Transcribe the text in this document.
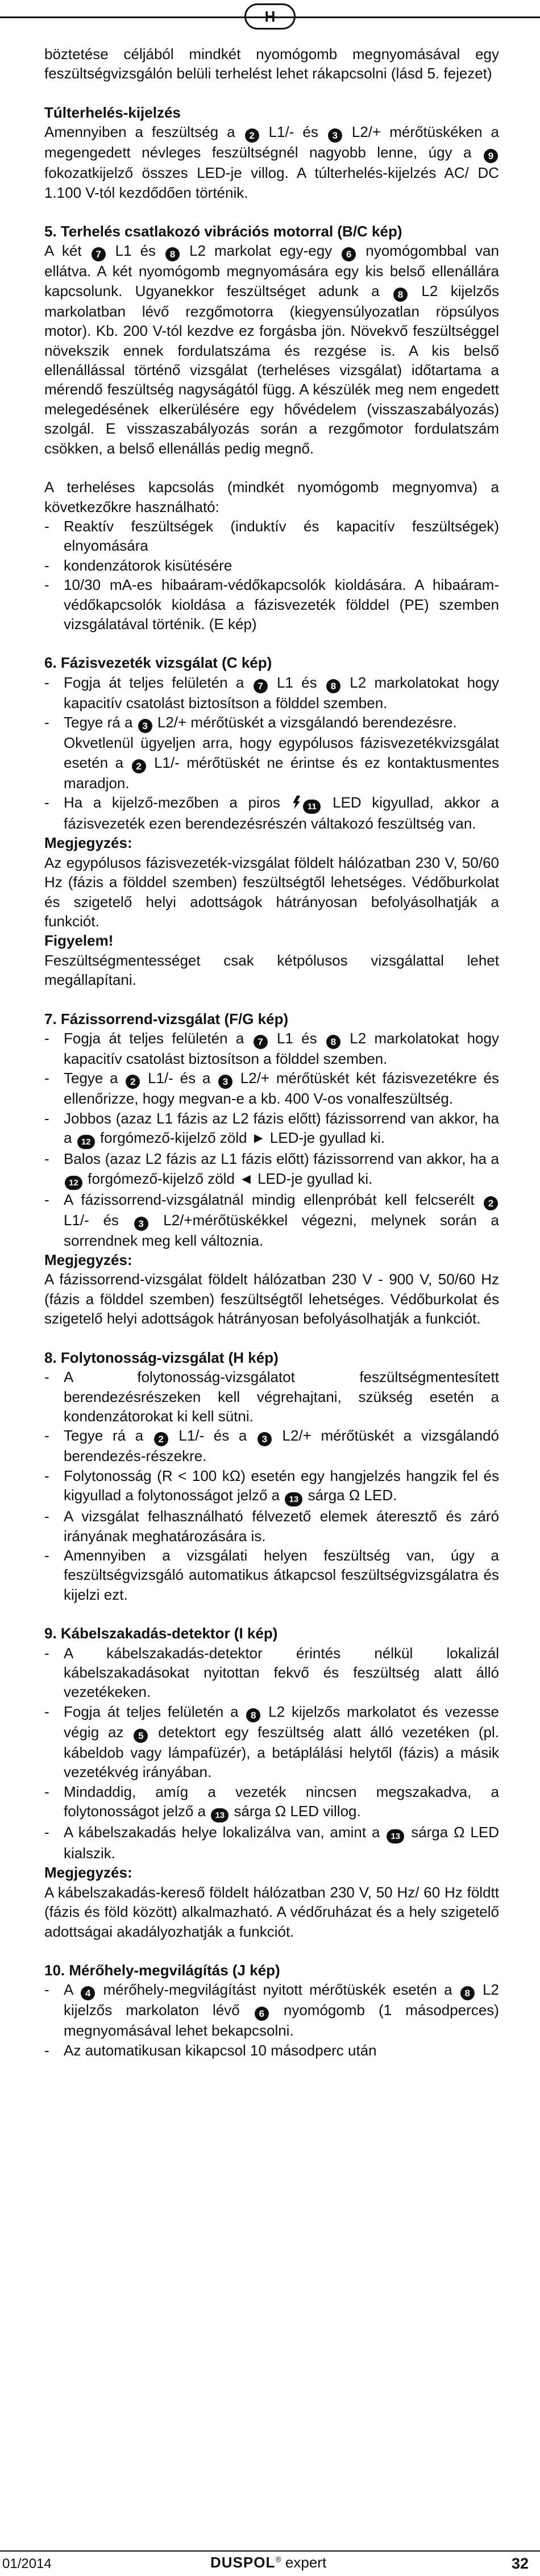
H

böztetése céljából mindkét nyomógomb megnyomásával egy feszültségvizsgálón belüli terhelést lehet rákapcsolni (lásd 5. fejezet)

Túlterhelés-kijelzés

Amennyiben a feszültség a 2 L1/- és 3 L2/+ mérőtüskéken a megengedett névleges feszültségnél nagyobb lenne, úgy a 9 fokozatkijelző összes LED-je villog. A túlterhelés-kijelzés AC/ DC 1.100 V-tól kezdődően történik.

5. Terhelés csatlakozó vibrációs motorral (B/C kép)

A két 7 L1 és 8 L2 markolat egy-egy 6 nyomógombbal van ellátva. A két nyomógomb megnyomására egy kis belső ellenállára kapcsolunk. Ugyanekkor feszültséget adunk a 8 L2 kijelzős markolatban lévő rezgőmotorra (kiegyensúlyozatlan röpsúlyos motor). Kb. 200 V-tól kezdve ez forgásba jön. Növekvő feszültséggel növekszik ennek fordulatszáma és rezgése is. A kis belső ellenállással történő vizsgálat (terheléses vizsgálat) időtartama a mérendő feszültség nagyságától függ. A készülék meg nem engedett melegedésének elkerülésére egy hővédelem (visszaszabályozás) szolgál. E visszaszabályozás során a rezgőmotor fordulatszám csökken, a belső ellenállás pedig megnő.

A terheléses kapcsolás (mindkét nyomógomb megnyomva) a következőkre használható:

- Reaktív feszültségek (induktív és kapacitív feszültségek) elnyomására
- kondenzátorok kisütésére
- 10/30 mA-es hibaáram-védőkapcsolók kioldására. A hibaáram-védőkapcsolók kioldása a fázisvezeték földdel (PE) szemben vizsgálatával történik. (E kép)
6. Fázisvezeték vizsgálat (C kép)
- Fogja át teljes felületén a 7 L1 és 8 L2 markolatokat hogy kapacitív csatolást biztosítson a földdel szemben.
- Tegye rá a 3 L2/+ mérőtüskét a vizsgálandó berendezésre.

Okvetlenül ügyeljen arra, hogy egypólusos fázisvezetékvizsgálat esetén a 2 L1/- mérőtüskét ne érintse és ez kontaktusmentes maradjon.

- Ha a kijelző-mezőben a piros	11 LED kigyullad, akkor a fázisvezeték ezen berendezésrészén váltakozó feszültség van.

Megjegyzés:

Az egypólusos fázisvezeték-vizsgálat földelt hálózatban 230 V, 50/60 Hz (fázis a földdel szemben) feszültségtől lehetséges. Védőburkolat és szigetelő helyi adottságok hátrányosan befolyásolhatják a funkciót.

Figyelem!

Feszültségmentességet csak kétpólusos vizsgálattal lehet megállapítani.

7. Fázissorrend-vizsgálat (F/G kép)
- Fogja át teljes felületén a 7 L1 és 8 L2 markolatokat hogy kapacitív csatolást biztosítson a földdel szemben.
- Tegye a 2 L1/- és a 3 L2/+ mérőtüskét két fázisvezetékre és ellenőrizze, hogy megvan-e a kb. 400 V-os vonalfeszültség.
- Jobbos (azaz L1 fázis az L2 fázis előtt) fázissorrend van akkor, ha a 12 forgómező-kijelző zöld ► LED-je gyullad ki.
- Balos (azaz L2 fázis az L1 fázis előtt) fázissorrend van akkor, ha a 12 forgómező-kijelző zöld ◄ LED-je gyullad ki.
- A fázissorrend-vizsgálatnál mindig ellenpróbát kell felcserélt 2 L1/- és 3 L2/+mérőtüskékkel végezni, melynek során a sorrendnek meg kell változnia.

Megjegyzés:

A fázissorrend-vizsgálat földelt hálózatban 230 V - 900 V, 50/60 Hz (fázis a földdel szemben) feszültségtől lehetséges. Védőburkolat és szigetelő helyi adottságok hátrányosan befolyásolhatják a funkciót.

8. Folytonosság-vizsgálat (H kép)
- A folytonosság-vizsgálatot feszültségmentesített berendezésrészeken kell végrehajtani, szükség esetén a kondenzátorokat ki kell sütni.
- Tegye rá a 2 L1/- és a 3 L2/+ mérőtüskét a vizsgálandó berendezés-részekre.
- Folytonosság (R < 100 kΩ) esetén egy hangjelzés hangzik fel és kigyullad a folytonosságot jelző a 13 sárga Ω LED.
- A vizsgálat felhasználható félvezető elemek áteresztő és záró irányának meghatározására is.
- Amennyiben a vizsgálati helyen feszültség van, úgy a feszültségvizsgáló automatikus átkapcsol feszültségvizsgálatra és kijelzi ezt.
9. Kábelszakadás-detektor (I kép)
- A kábelszakadás-detektor érintés nélkül lokalizál kábelszakadásokat nyitottan fekvő és feszültség alatt álló vezetékeken.
- Fogja át teljes felületén a 8 L2 kijelzős markolatot és vezesse végig az 5 detektort egy feszültség alatt álló vezetéken (pl. kábeldob vagy lámpafüzér), a betáplálási helytől (fázis) a másik vezetékvég irányában.
- Mindaddig, amíg a vezeték nincsen megszakadva, a folytonosságot jelző a 13 sárga Ω LED villog.
- A kábelszakadás helye lokalizálva van, amint a 13 sárga Ω LED kialszik.

Megjegyzés:

A kábelszakadás-kereső földelt hálózatban 230 V, 50 Hz/ 60 Hz földtt (fázis és föld között) alkalmazható. A védőruházat és a hely szigetelő adottságai akadályozhatják a funkciót.

10. Mérőhely-megvilágítás (J kép)
- A 4 mérőhely-megvilágítást nyitott mérőtüskék esetén a 8 L2 kijelzős markolaton lévő 6 nyomógomb (1 másodperces) megnyomásával lehet bekapcsolni.
- Az automatikusan kikapcsol 10 másodperc után
01/2014	DUSPOL® expert	32
